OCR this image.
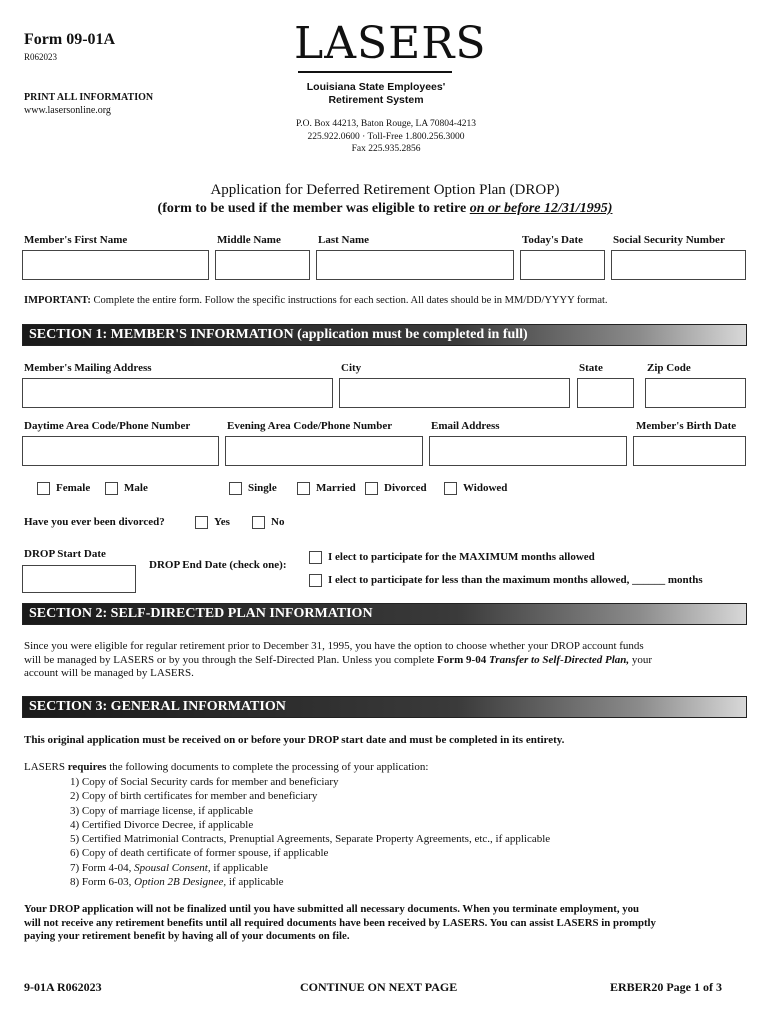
Form 09-01A
R062023
PRINT ALL INFORMATION
www.lasersonline.org
LASERS
Louisiana State Employees'
Retirement System
P.O. Box 44213, Baton Rouge, LA 70804-4213
225.922.0600 · Toll-Free 1.800.256.3000
Fax 225.935.2856
Application for Deferred Retirement Option Plan (DROP)
(form to be used if the member was eligible to retire on or before 12/31/1995)
Member's First Name	Middle Name	Last Name	Today's Date	Social Security Number
IMPORTANT: Complete the entire form. Follow the specific instructions for each section. All dates should be in MM/DD/YYYY format.
SECTION 1: MEMBER'S INFORMATION (application must be completed in full)
Member's Mailing Address	City	State	Zip Code
Daytime Area Code/Phone Number	Evening Area Code/Phone Number	Email Address	Member's Birth Date
Female	Male	Single	Married	Divorced	Widowed
Have you ever been divorced?	Yes	No
DROP Start Date
DROP End Date (check one):
I elect to participate for the MAXIMUM months allowed
I elect to participate for less than the maximum months allowed, ______ months
SECTION 2: SELF-DIRECTED PLAN INFORMATION
Since you were eligible for regular retirement prior to December 31, 1995, you have the option to choose whether your DROP account funds
will be managed by LASERS or by you through the Self-Directed Plan. Unless you complete Form 9-04 Transfer to Self-Directed Plan, your
account will be managed by LASERS.
SECTION 3: GENERAL INFORMATION
This original application must be received on or before your DROP start date and must be completed in its entirety.
LASERS requires the following documents to complete the processing of your application:
1) Copy of Social Security cards for member and beneficiary
2) Copy of birth certificates for member and beneficiary
3) Copy of marriage license, if applicable
4) Certified Divorce Decree, if applicable
5) Certified Matrimonial Contracts, Prenuptial Agreements, Separate Property Agreements, etc., if applicable
6) Copy of death certificate of former spouse, if applicable
7) Form 4-04, Spousal Consent, if applicable
8) Form 6-03, Option 2B Designee, if applicable
Your DROP application will not be finalized until you have submitted all necessary documents. When you terminate employment, you
will not receive any retirement benefits until all required documents have been received by LASERS. You can assist LASERS in promptly
paying your retirement benefit by having all of your documents on file.
9-01A R062023	CONTINUE ON NEXT PAGE	ERBER20 Page 1 of 3
